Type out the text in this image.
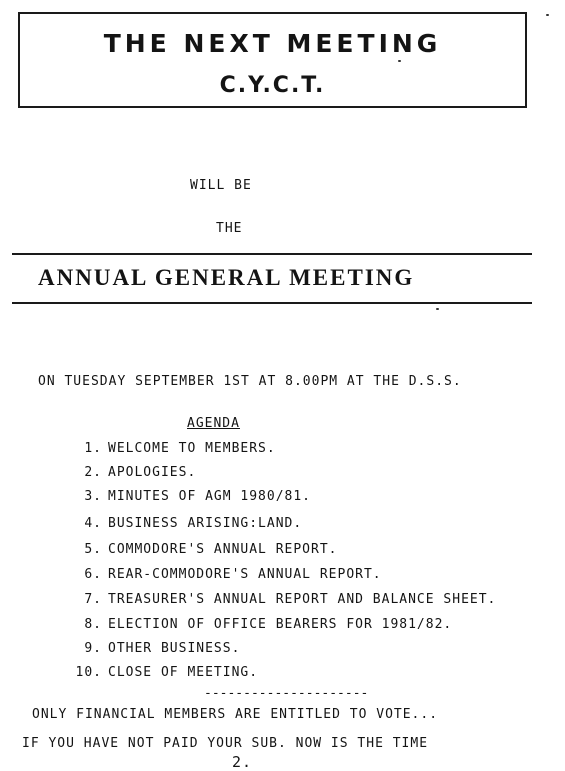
THE NEXT MEETING
C.Y.C.T.
WILL BE
THE
ANNUAL GENERAL MEETING
ON TUESDAY SEPTEMBER 1ST AT 8.00PM AT THE D.S.S.
AGENDA
1. WELCOME TO MEMBERS.
2. APOLOGIES.
3. MINUTES OF AGM 1980/81.
4. BUSINESS ARISING:LAND.
5. COMMODORE'S ANNUAL REPORT.
6. REAR-COMMODORE'S ANNUAL REPORT.
7. TREASURER'S ANNUAL REPORT AND BALANCE SHEET.
8. ELECTION OF OFFICE BEARERS FOR 1981/82.
9. OTHER BUSINESS.
10. CLOSE OF MEETING.
---------------------
ONLY FINANCIAL MEMBERS ARE ENTITLED TO VOTE...
IF YOU HAVE NOT PAID YOUR SUB. NOW IS THE TIME
2.
